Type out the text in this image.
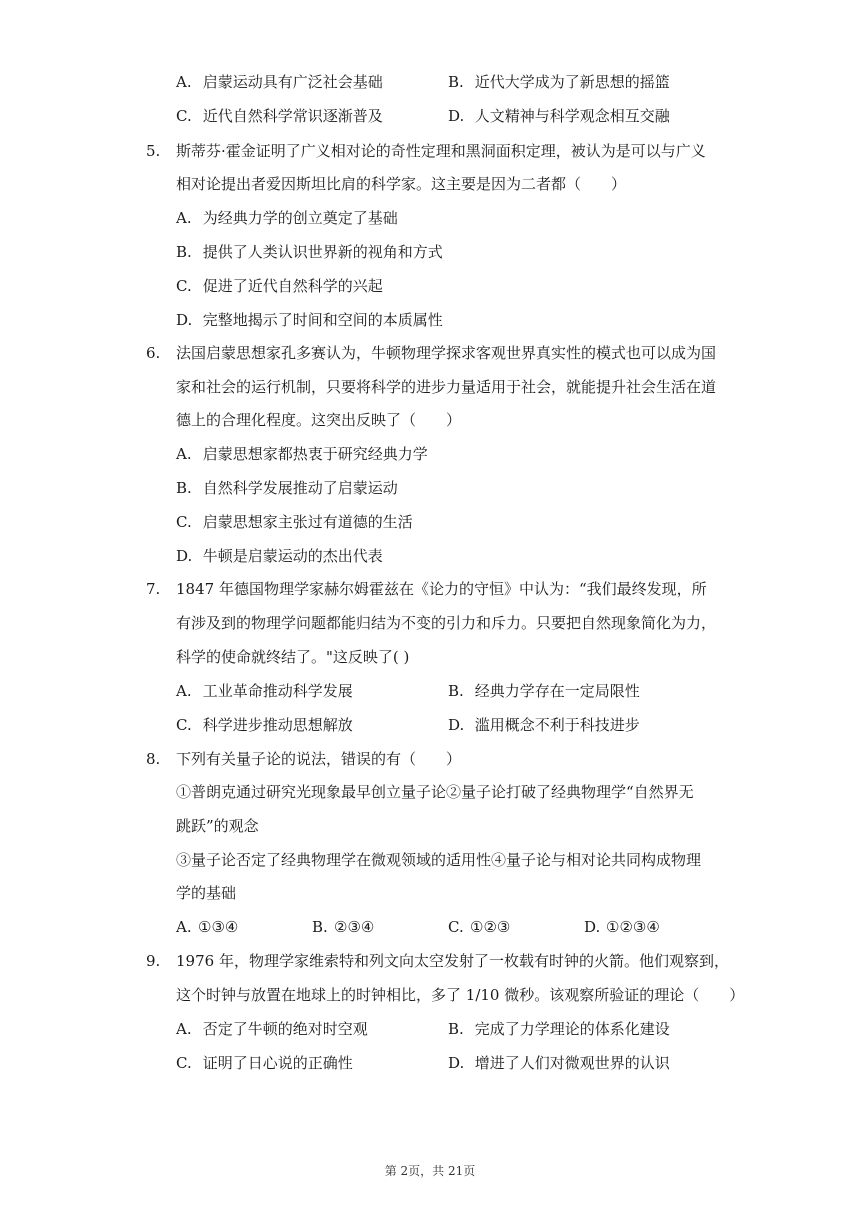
A. 启蒙运动具有广泛社会基础	B. 近代大学成为了新思想的摇篮
C. 近代自然科学常识逐渐普及	D. 人文精神与科学观念相互交融
5. 斯蒂芬·霍金证明了广义相对论的奇性定理和黑洞面积定理，被认为是可以与广义
相对论提出者爱因斯坦比肩的科学家。这主要是因为二者都（　　）
A. 为经典力学的创立奠定了基础
B. 提供了人类认识世界新的视角和方式
C. 促进了近代自然科学的兴起
D. 完整地揭示了时间和空间的本质属性
6. 法国启蒙思想家孔多赛认为，牛顿物理学探求客观世界真实性的模式也可以成为国
家和社会的运行机制，只要将科学的进步力量适用于社会，就能提升社会生活在道
德上的合理化程度。这突出反映了（　　）
A. 启蒙思想家都热衷于研究经典力学
B. 自然科学发展推动了启蒙运动
C. 启蒙思想家主张过有道德的生活
D. 牛顿是启蒙运动的杰出代表
7. 1847 年德国物理学家赫尔姆霍兹在《论力的守恒》中认为：“我们最终发现，所
有涉及到的物理学问题都能归结为不变的引力和斥力。只要把自然现象简化为力，
科学的使命就终结了。"这反映了( )
A. 工业革命推动科学发展	B. 经典力学存在一定局限性
C. 科学进步推动思想解放	D. 滥用概念不利于科技进步
8. 下列有关量子论的说法，错误的有（　　）
①普朗克通过研究光现象最早创立量子论②量子论打破了经典物理学“自然界无
跳跃”的观念
③量子论否定了经典物理学在微观领域的适用性④量子论与相对论共同构成物理
学的基础
A. ①③④	B. ②③④	C. ①②③	D. ①②③④
9. 1976 年，物理学家维索特和列文向太空发射了一枚载有时钟的火箭。他们观察到，
这个时钟与放置在地球上的时钟相比，多了 1/10 微秒。该观察所验证的理论（　　）
A. 否定了牛顿的绝对时空观	B. 完成了力学理论的体系化建设
C. 证明了日心说的正确性	D. 增进了人们对微观世界的认识
第 2页，共 21页
